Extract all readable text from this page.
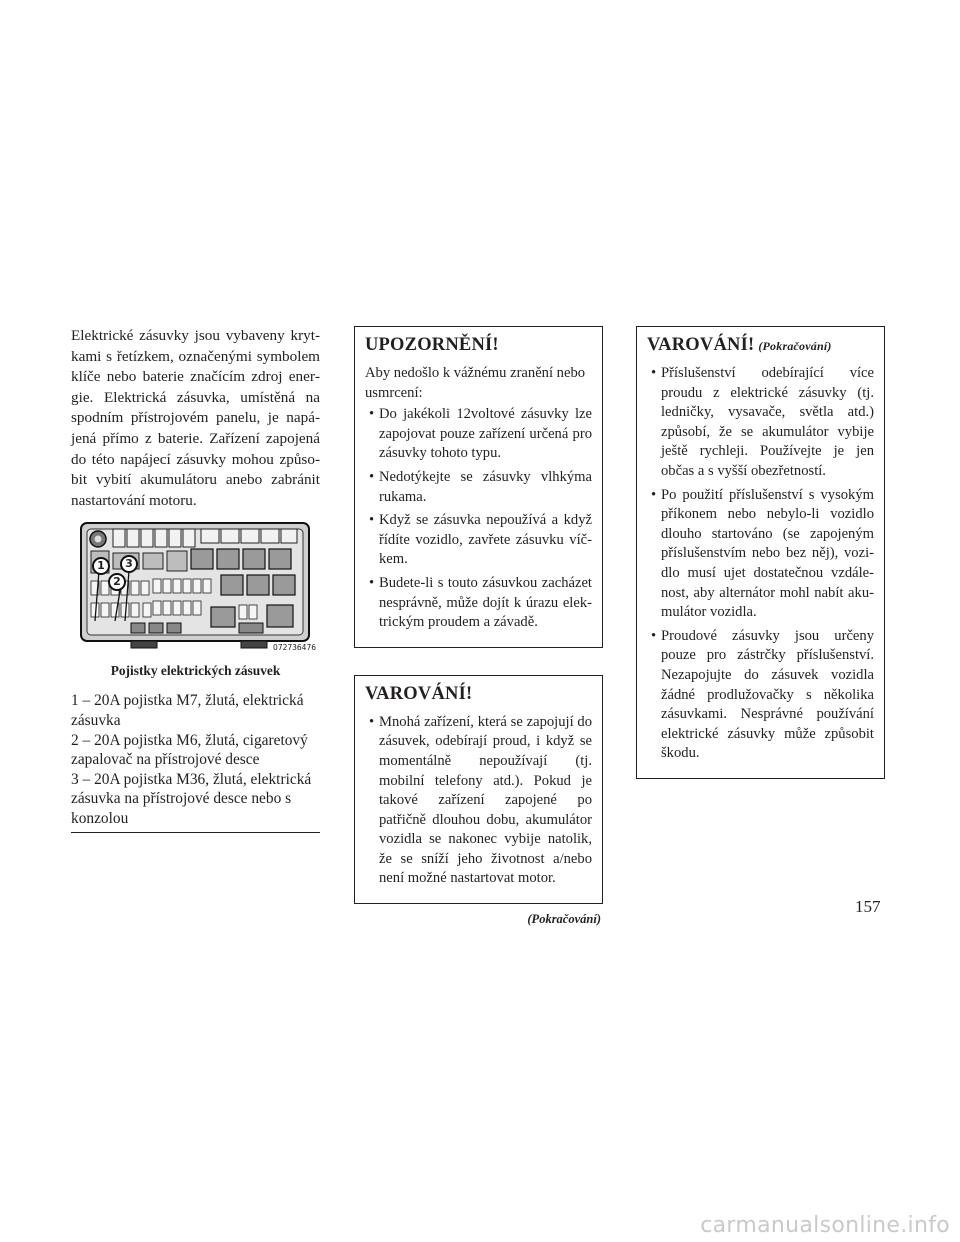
Elektrické zásuvky jsou vybaveny krytkami s řetízkem, označenými symbolem klíče nebo baterie značícím zdroj energie. Elektrická zásuvka, umístěná na spodním přístrojovém panelu, je napájená přímo z baterie. Zařízení zapojená do této napájecí zásuvky mohou způsobit vybití akumulátoru anebo zabránit nastartování motoru.

1
2
3
072736476
Pojistky elektrických zásuvek

1 – 20A pojistka M7, žlutá, elektrická zásuvka

2 – 20A pojistka M6, žlutá, cigaretový zapalovač na přístrojové desce

3 – 20A pojistka M36, žlutá, elektrická zásuvka na přístrojové desce nebo s konzolou

UPOZORNĚNÍ!

Aby nedošlo k vážnému zranění nebo usmrcení:

• Do jakékoli 12voltové zásuvky lze zapojovat pouze zařízení určená pro zásuvky tohoto typu.
• Nedotýkejte se zásuvky vlhkýma rukama.
• Když se zásuvka nepoužívá a když řídíte vozidlo, zavřete zásuvku víčkem.
• Budete-li s touto zásuvkou zacházet nesprávně, může dojít k úrazu elektrickým proudem a závadě.
VAROVÁNÍ!
• Mnohá zařízení, která se zapojují do zásuvek, odebírají proud, i když se momentálně nepoužívají (tj. mobilní telefony atd.). Pokud je takové zařízení zapojené po patřičně dlouhou dobu, akumulátor vozidla se nakonec vybije natolik, že se sníží jeho životnost a/nebo není možné nastartovat motor.
(Pokračování)
VAROVÁNÍ! (Pokračování)
• Příslušenství odebírající více proudu z elektrické zásuvky (tj. ledničky, vysavače, světla atd.) způsobí, že se akumulátor vybije ještě rychleji. Používejte je jen občas a s vyšší obezřetností.
• Po použití příslušenství s vysokým příkonem nebo nebylo-li vozidlo dlouho startováno (se zapojeným příslušenstvím nebo bez něj), vozidlo musí ujet dostatečnou vzdálenost, aby alternátor mohl nabít akumulátor vozidla.
• Proudové zásuvky jsou určeny pouze pro zástrčky příslušenství. Nezapojujte do zásuvek vozidla žádné prodlužovačky s několika zásuvkami. Nesprávné používání elektrické zásuvky může způsobit škodu.
157
carmanualsonline.info
